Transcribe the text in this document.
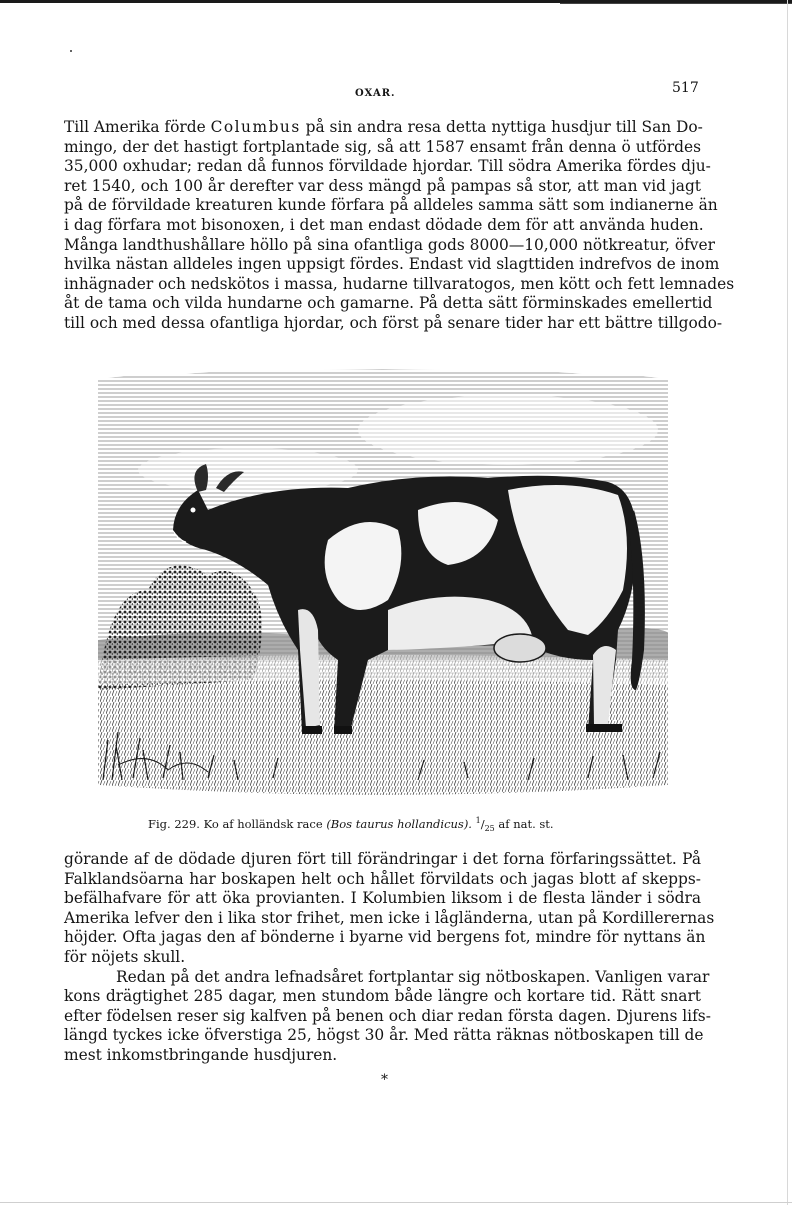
OXAR.	517
Till Amerika förde Columbus på sin andra resa detta nyttiga husdjur till San Do-
mingo, der det hastigt fortplantade sig, så att 1587 ensamt från denna ö utfördes
35,000 oxhudar; redan då funnos förvildade hjordar. Till södra Amerika fördes dju-
ret 1540, och 100 år derefter var dess mängd på pampas så stor, att man vid jagt
på de förvildade kreaturen kunde förfara på alldeles samma sätt som indianerne än
i dag förfara mot bisonoxen, i det man endast dödade dem för att använda huden.
Många landthushållare höllo på sina ofantliga gods 8000—10,000 nötkreatur, öfver
hvilka nästan alldeles ingen uppsigt fördes. Endast vid slagttiden indrefvos de inom
inhägnader och nedskötos i massa, hudarne tillvaratogos, men kött och fett lemnades
åt de tama och vilda hundarne och gamarne. På detta sätt förminskades emellertid
till och med dessa ofantliga hjordar, och först på senare tider har ett bättre tillgodo-
Fig. 229. Ko af holländsk race (Bos taurus hollandicus). $^1/_{25}$ af nat. st.
görande af de dödade djuren fört till förändringar i det forna förfaringssättet. På
Falklandsöarna har boskapen helt och hållet förvildats och jagas blott af skepps-
befälhafvare för att öka provianten. I Kolumbien liksom i de flesta länder i södra
Amerika lefver den i lika stor frihet, men icke i lågländerna, utan på Kordillerernas
höjder. Ofta jagas den af bönderne i byarne vid bergens fot, mindre för nyttans än
för nöjets skull.
Redan på det andra lefnadsåret fortplantar sig nötboskapen. Vanligen varar
kons drägtighet 285 dagar, men stundom både längre och kortare tid. Rätt snart
efter födelsen reser sig kalfven på benen och diar redan första dagen. Djurens lifs-
längd tyckes icke öfverstiga 25, högst 30 år. Med rätta räknas nötboskapen till de
mest inkomstbringande husdjuren.
*
